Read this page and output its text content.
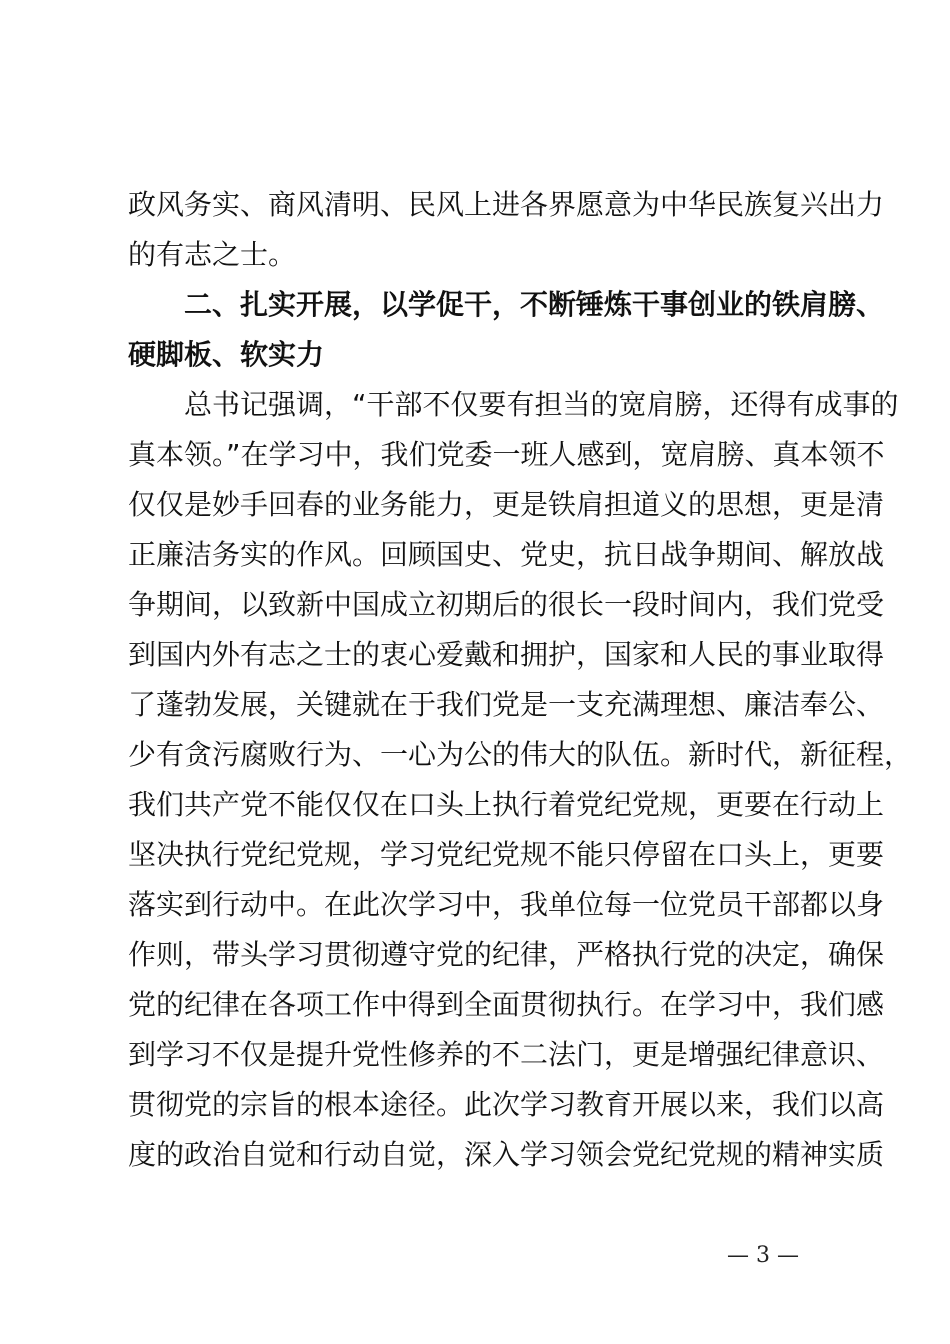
政风务实、商风清明、民风上进各界愿意为中华民族复兴出力
的有志之士。
二、扎实开展，以学促干，不断锤炼干事创业的铁肩膀、
硬脚板、软实力
总书记强调，“干部不仅要有担当的宽肩膀，还得有成事的
真本领。”在学习中，我们党委一班人感到，宽肩膀、真本领不
仅仅是妙手回春的业务能力，更是铁肩担道义的思想，更是清
正廉洁务实的作风。回顾国史、党史，抗日战争期间、解放战
争期间，以致新中国成立初期后的很长一段时间内，我们党受
到国内外有志之士的衷心爱戴和拥护，国家和人民的事业取得
了蓬勃发展，关键就在于我们党是一支充满理想、廉洁奉公、
少有贪污腐败行为、一心为公的伟大的队伍。新时代，新征程，
我们共产党不能仅仅在口头上执行着党纪党规，更要在行动上
坚决执行党纪党规，学习党纪党规不能只停留在口头上，更要
落实到行动中。在此次学习中，我单位每一位党员干部都以身
作则，带头学习贯彻遵守党的纪律，严格执行党的决定，确保
党的纪律在各项工作中得到全面贯彻执行。在学习中，我们感
到学习不仅是提升党性修养的不二法门，更是增强纪律意识、
贯彻党的宗旨的根本途径。此次学习教育开展以来，我们以高
度的政治自觉和行动自觉，深入学习领会党纪党规的精神实质
— 3 —
